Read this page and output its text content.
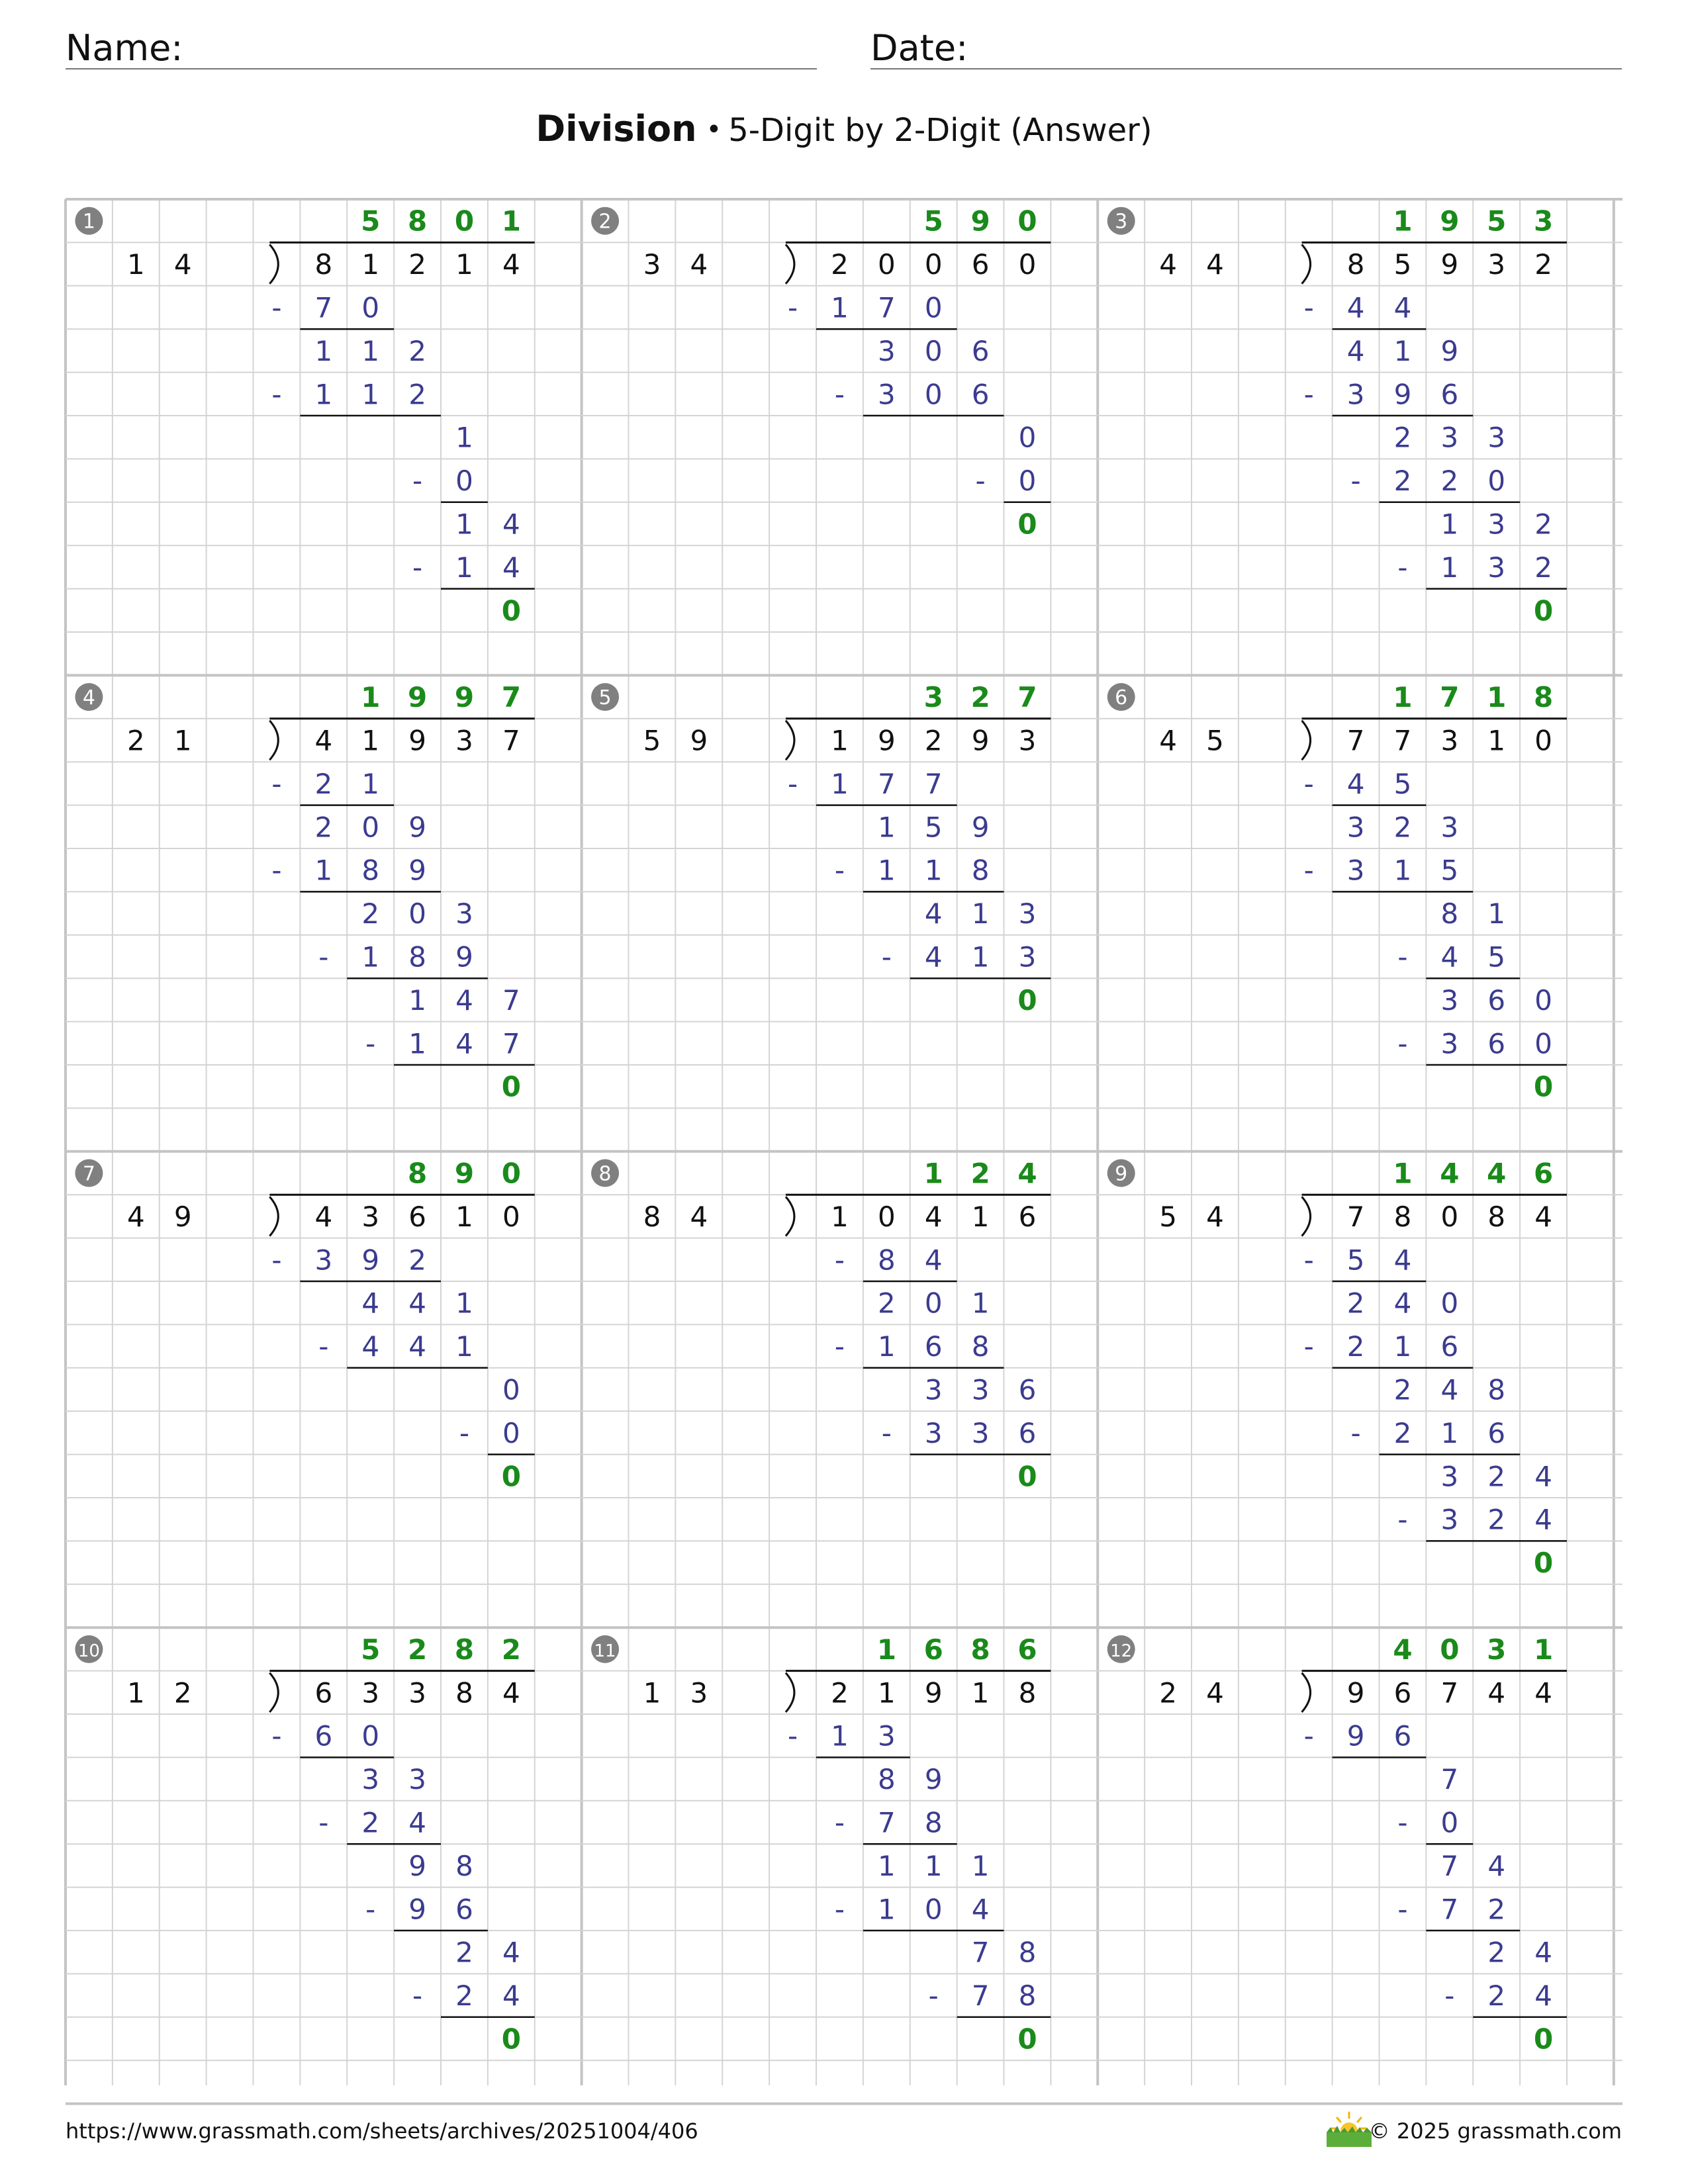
Name:	Date:
Division • 5-Digit by 2-Digit (Answer)
1
1 4	8 1 2 1 4
5 8 0 1
- 7 0
1 1 2
- 1 1 2
1
- 0
1 4
- 1 4
0
2
3 4	2 0 0 6 0
5 9 0
- 1 7 0
3 0 6
- 3 0 6
0
- 0
0
3
4 4	8 5 9 3 2
1 9 5 3
- 4 4
4 1 9
- 3 9 6
2 3 3
- 2 2 0
1 3 2
- 1 3 2
0
4
2 1	4 1 9 3 7
1 9 9 7
- 2 1
2 0 9
- 1 8 9
2 0 3
- 1 8 9
1 4 7
- 1 4 7
0
5
5 9	1 9 2 9 3
3 2 7
- 1 7 7
1 5 9
- 1 1 8
4 1 3
- 4 1 3
0
6
4 5	7 7 3 1 0
1 7 1 8
- 4 5
3 2 3
- 3 1 5
8 1
- 4 5
3 6 0
- 3 6 0
0
7
4 9	4 3 6 1 0
8 9 0
- 3 9 2
4 4 1
- 4 4 1
0
- 0
0
8
8 4	1 0 4 1 6
1 2 4
- 8 4
2 0 1
- 1 6 8
3 3 6
- 3 3 6
0
9
5 4	7 8 0 8 4
1 4 4 6
- 5 4
2 4 0
- 2 1 6
2 4 8
- 2 1 6
3 2 4
- 3 2 4
0
10
1 2	6 3 3 8 4
5 2 8 2
- 6 0
3 3
- 2 4
9 8
- 9 6
2 4
- 2 4
0
11
1 3	2 1 9 1 8
1 6 8 6
- 1 3
8 9
- 7 8
1 1 1
- 1 0 4
7 8
- 7 8
0
12
2 4	9 6 7 4 4
4 0 3 1
- 9 6
7
- 0
7 4
- 7 2
2 4
- 2 4
0
https://www.grassmath.com/sheets/archives/20251004/406	© 2025 grassmath.com
